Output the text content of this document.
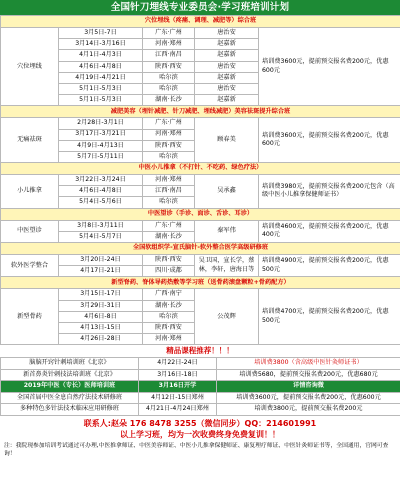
全国针刀埋线专业委员会·学习班培训计划
穴位埋线（疼痛、调理、减肥等）综合班				
穴位埋线	3月5日-7日	广东·广州	唐治安	培训费3600元，提前预交报名费200元，优惠600元
	3月14日-3月16日	河南·郑州	赵嘉新	
	4月1日-4月3日	江西·南昌	赵嘉新	
	4月6日-4月8日	陕西·西安	唐治安	
	4月19日-4月21日	哈尔滨	赵嘉新	
	5月1日-5月3日	哈尔滨	唐治安	
	5月1日-5月3日	湖南·长沙	赵嘉新	
减肥美容（埋针减肥、针刀减肥、埋线减肥）美容祛斑提升综合班				
无痛祛斑	2月28日-3月1日	广东·广州	顾春美	培训费3600元，提前预交报名费200元，优惠600元
	3月17日-3月21日	河南·郑州		
	4月9日-4月13日	陕西·西安		
	5月7日-5月11日	哈尔滨		
中医小儿推拿（不打针、不吃药、绿色疗法）				
小儿推拿	3月22日-3月24日	河南·郑州	吴承鑫	培训费3980元，提前预交报名费200元包含（高级中医小儿推拿保健师证书）
	4月6日-4月8日	江西·南昌		
	5月4日-5月6日	哈尔滨		
中医望诊（手诊、面诊、舌诊、耳诊）				
中医望诊	3月8日-3月11日	广东·广州	秦军伟	培训费4600元，提前预交报名费200元，优惠400元
	5月4日-5月7日	湖南·长沙		
全国软组织学-宣氏脑针-软外整合医学高级研修班				
软外医学整合	3月20日-24日	陕西·西安	吴卫国，宣长学，蔡林，李轩，唐海日等	培训费4900元，提前预交报名费200元，优惠500元
	4月17日-21日	四川·成都		
新型脊药、脊体导药热敷等学习班（送骨药滚盘颗粒+骨药配方）				
新型骨药	3月15日-17日	广西·南宁	公茂辉	培训费4700元，提前预交报名费200元，优惠500元
	3月29日-31日	湖南·长沙		
	4月6日-8日	哈尔滨		
	4月13日-15日	陕西·西安		
	4月26日-28日	河南·郑州		
精品课程推荐！！！
脑脑开窍针刺培训班《北京》	4月22日-24日	培训费3800（含高级中医针灸师证书）
新首鼻炎针刺技法培训班《北京》	3月16日-18日	培训费5680，提前预交报名费200元，优惠680元
2019年中医（专长）医师培训班	3月16日开学	详情咨询微
全国首届中医全息自然疗法技术研修班	4月12日-15日郑州	培训费3600元，提前预交报名费200元，优惠600元
多种特色多针法技术临床应用研修班	4月21日-4月24日郑州	培训费3800元，提前预交报名费200元
联系人:赵朵 176 8478 3255（微信同步）QQ：214601991
以上学习班，均为一次收费终身免费复训！！
注：我院现参加培训考试通过可办理,中医推拿师证、中医美容师证、中医小儿推拿保健师证、康复理疗师证、中医针灸师证书等，全国通用，官网可查询！
